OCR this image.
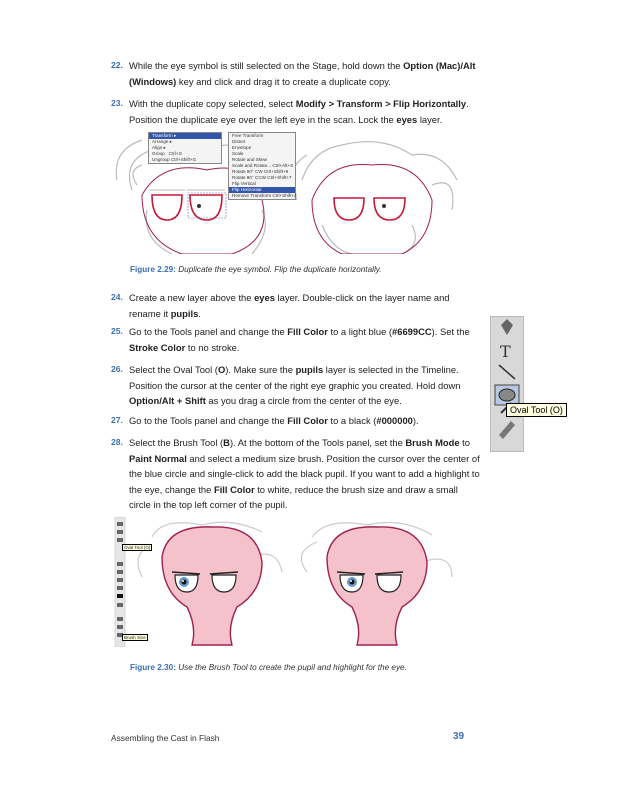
22. While the eye symbol is still selected on the Stage, hold down the Option (Mac)/Alt (Windows) key and click and drag it to create a duplicate copy.
23. With the duplicate copy selected, select Modify > Transform > Flip Horizontally. Position the duplicate eye over the left eye in the scan. Lock the eyes layer.
Transform ▸
Arrange ▸
Align ▸
Group Ctrl+G
Ungroup Ctrl+Shift+G
Free Transform
Distort
Envelope
Scale
Rotate and Skew
Scale and Rotate... Ctrl+Alt+S
Rotate 90° CW Ctrl+Shift+9
Rotate 90° CCW Ctrl+Shift+7
Flip Vertical
Flip Horizontal
Remove Transform Ctrl+Shift+Z
Figure 2.29: Duplicate the eye symbol. Flip the duplicate horizontally.
24. Create a new layer above the eyes layer. Double-click on the layer name and rename it pupils.
25. Go to the Tools panel and change the Fill Color to a light blue (#6699CC). Set the Stroke Color to no stroke.
26. Select the Oval Tool (O). Make sure the pupils layer is selected in the Timeline. Position the cursor at the center of the right eye graphic you created. Hold down Option/Alt + Shift as you drag a circle from the center of the eye.
27. Go to the Tools panel and change the Fill Color to a black (#000000).
28. Select the Brush Tool (B). At the bottom of the Tools panel, set the Brush Mode to Paint Normal and select a medium size brush. Position the cursor over the center of the blue circle and single-click to add the black pupil. If you want to add a highlight to the eye, change the Fill Color to white, reduce the brush size and draw a small circle in the top left corner of the pupil.
T
Oval Tool (O)
Oval Tool (O)
Brush Size
Figure 2.30: Use the Brush Tool to create the pupil and highlight for the eye.
Assembling the Cast in Flash	39
